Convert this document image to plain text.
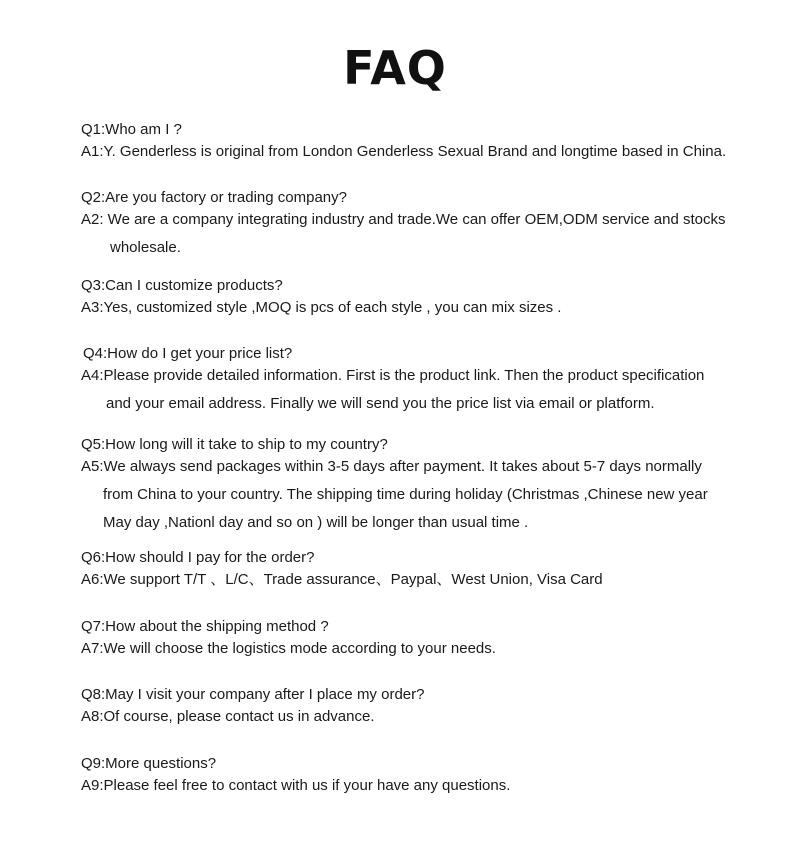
FAQ
Q1:Who am I ?
A1:Y. Genderless is original from London Genderless Sexual Brand and longtime based in China.
Q2:Are you factory or trading company?
A2: We are a company integrating industry and trade.We can offer OEM,ODM service and stocks
wholesale.
Q3:Can I customize products?
A3:Yes, customized style ,MOQ is pcs of each style , you can mix sizes .
Q4:How do I get your price list?
A4:Please provide detailed information. First is the product link. Then the product specification
and your email address. Finally we will send you the price list via email or platform.
Q5:How long will it take to ship to my country?
A5:We always send packages within 3-5 days after payment. It takes about 5-7 days normally
from China to your country. The shipping time during holiday (Christmas ,Chinese new year
May day ,Nationl day and so on ) will be longer than usual time .
Q6:How should I pay for the order?
A6:We support T/T 、L/C、Trade assurance、Paypal、West Union, Visa Card
Q7:How about the shipping method ?
A7:We will choose the logistics mode according to your needs.
Q8:May I visit your company after I place my order?
A8:Of course, please contact us in advance.
Q9:More questions?
A9:Please feel free to contact with us if your have any questions.
